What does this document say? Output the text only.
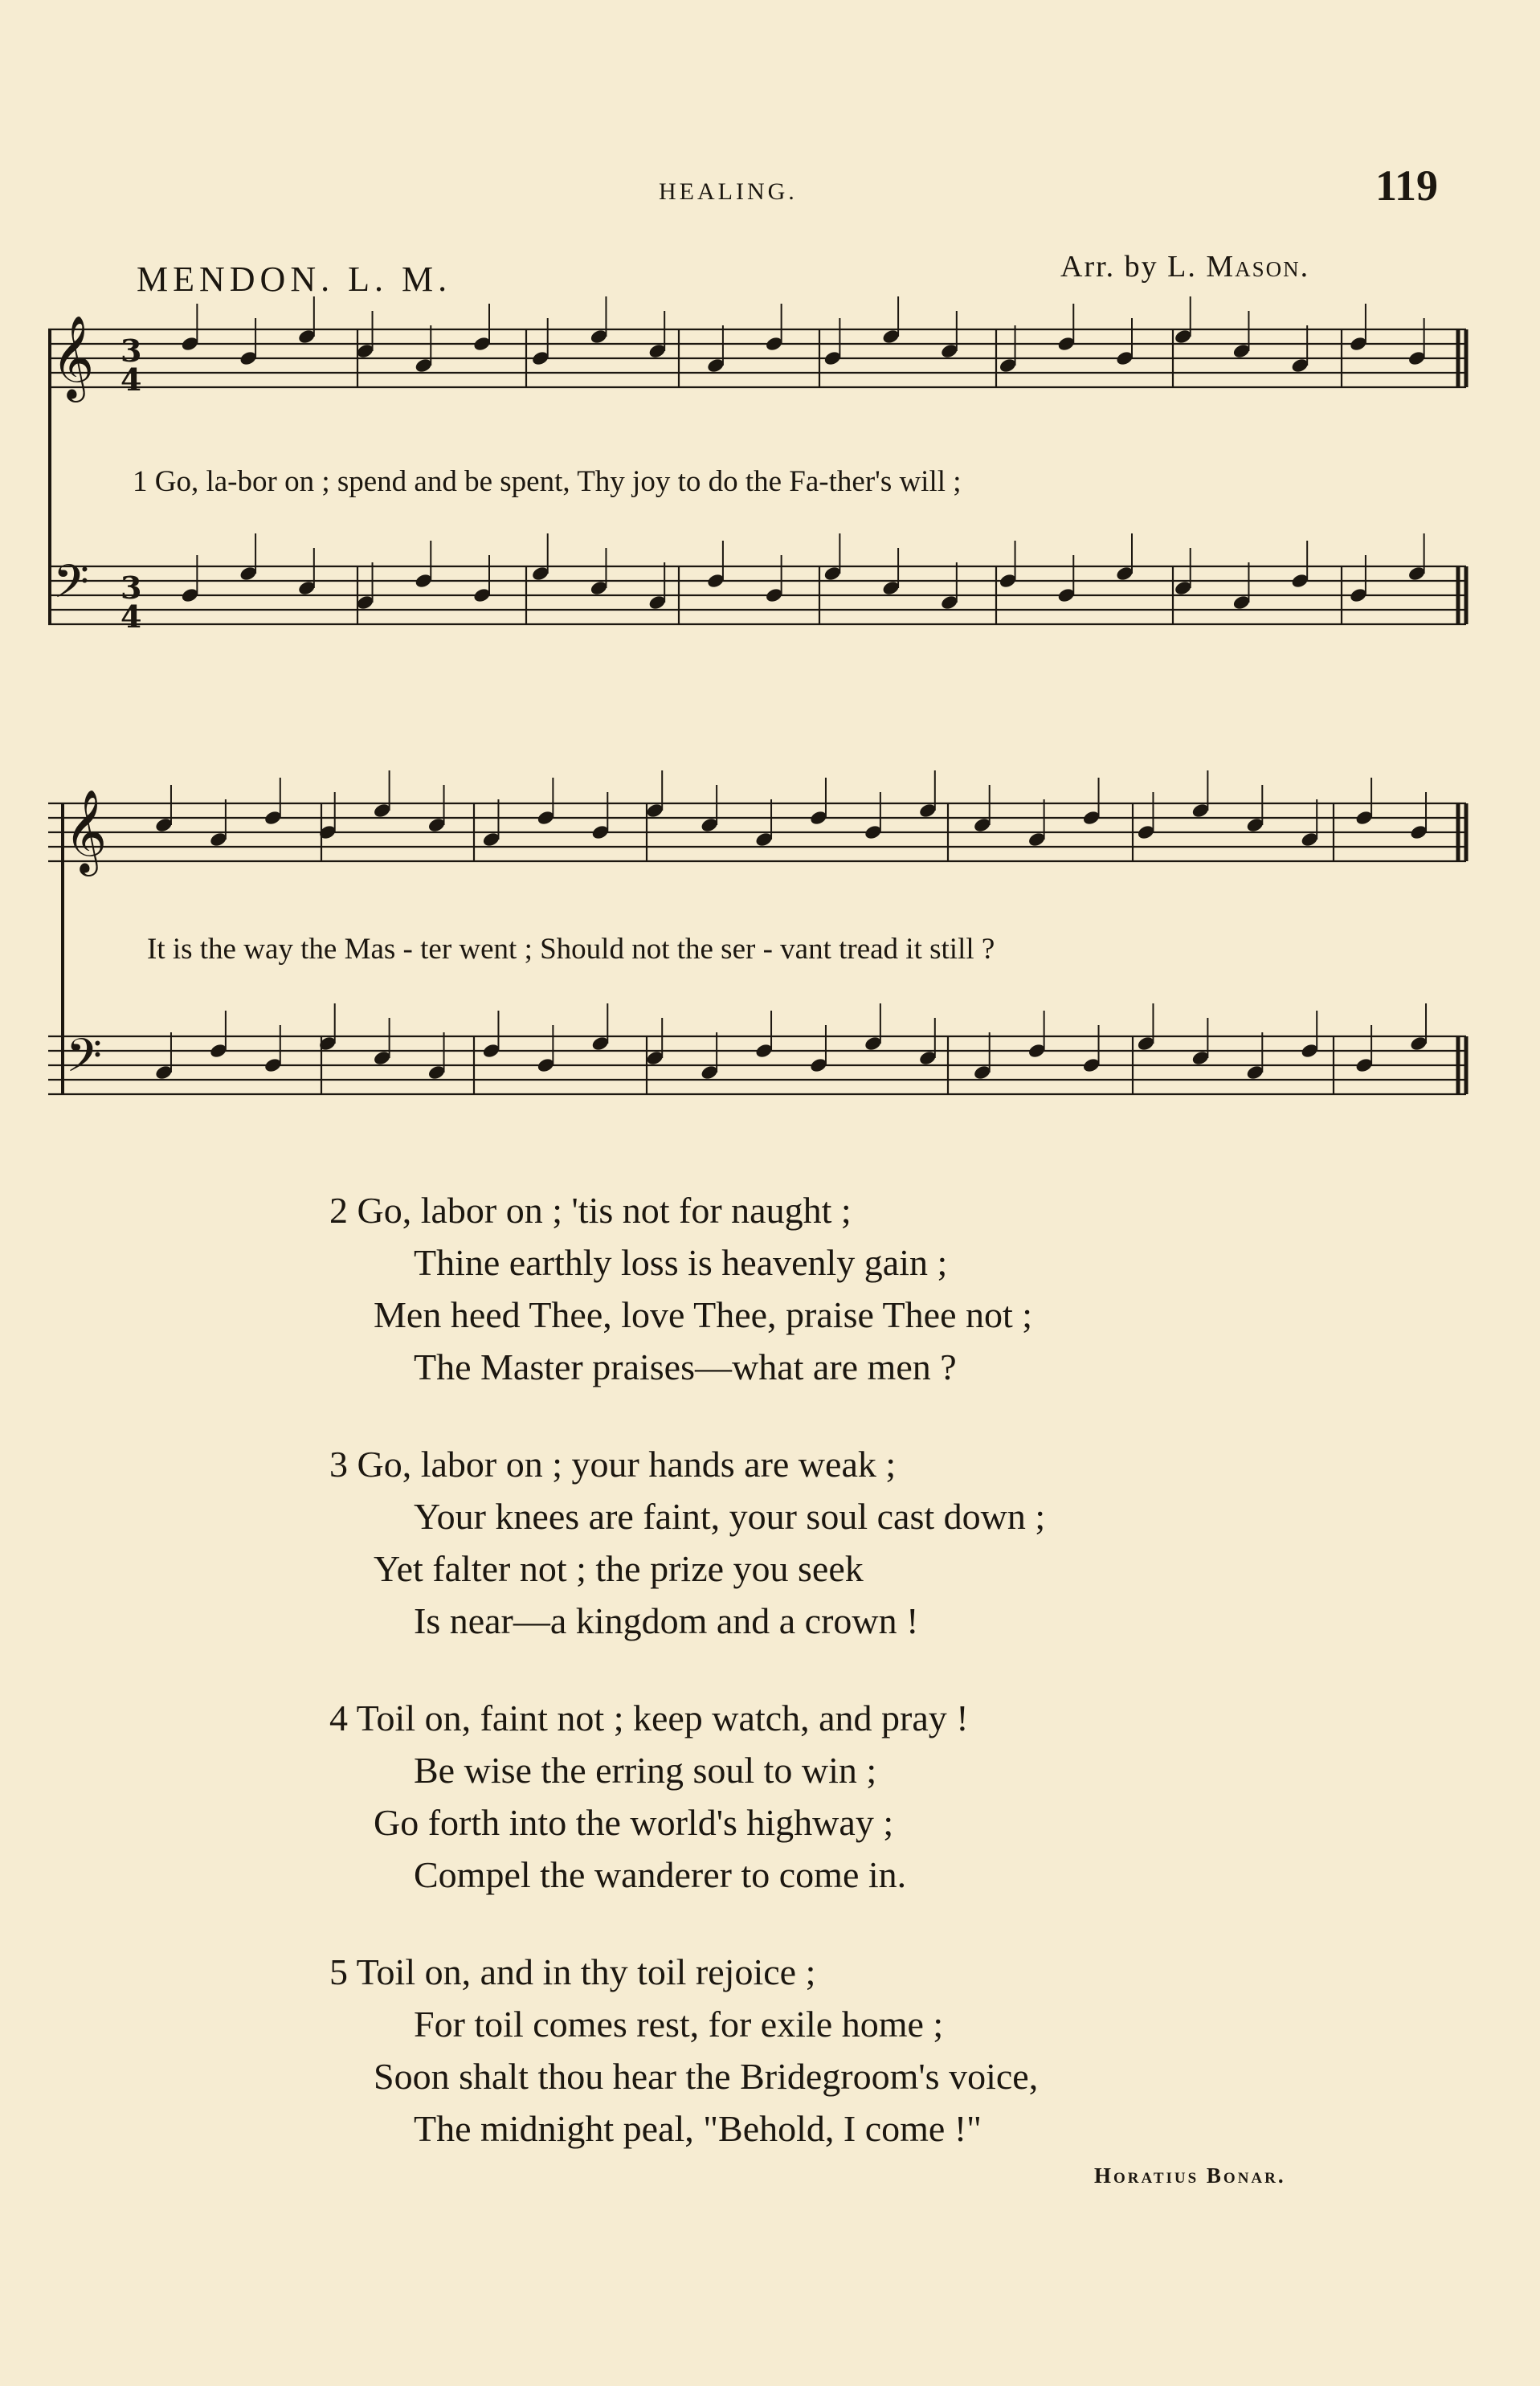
HEALING.	119
MENDON. L. M.	Arr. by L. Mason.
𝄞
𝄢
𝄞
𝄢
3
4
3
4
1 Go, la-bor on ; spend and be spent, Thy joy to do the Fa-ther's will ;
It is the way the Mas - ter went ; Should not the ser - vant tread it still ?
2 Go, labor on ; 'tis not for naught ;
Thine earthly loss is heavenly gain ;
Men heed Thee, love Thee, praise Thee not ;
The Master praises—what are men ?
3 Go, labor on ; your hands are weak ;
Your knees are faint, your soul cast down ;
Yet falter not ; the prize you seek
Is near—a kingdom and a crown !
4 Toil on, faint not ; keep watch, and pray !
Be wise the erring soul to win ;
Go forth into the world's highway ;
Compel the wanderer to come in.
5 Toil on, and in thy toil rejoice ;
For toil comes rest, for exile home ;
Soon shalt thou hear the Bridegroom's voice,
The midnight peal, "Behold, I come !"
Horatius Bonar.
